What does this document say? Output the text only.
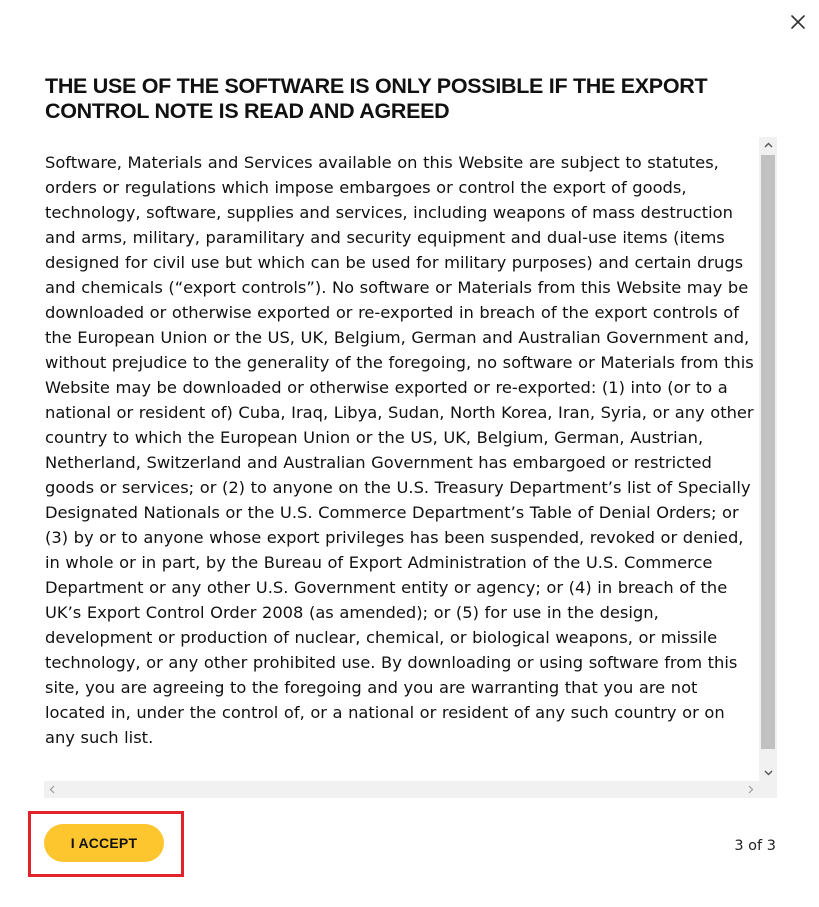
THE USE OF THE SOFTWARE IS ONLY POSSIBLE IF THE EXPORT CONTROL NOTE IS READ AND AGREED

Software, Materials and Services available on this Website are subject to statutes, orders or regulations which impose embargoes or control the export of goods, technology, software, supplies and services, including weapons of mass destruction and arms, military, paramilitary and security equipment and dual-use items (items designed for civil use but which can be used for military purposes) and certain drugs and chemicals (“export controls”). No software or Materials from this Website may be downloaded or otherwise exported or re-exported in breach of the export controls of the European Union or the US, UK, Belgium, German and Australian Government and, without prejudice to the generality of the foregoing, no software or Materials from this Website may be downloaded or otherwise exported or re-exported: (1) into (or to a national or resident of) Cuba, Iraq, Libya, Sudan, North Korea, Iran, Syria, or any other country to which the European Union or the US, UK, Belgium, German, Austrian, Netherland, Switzerland and Australian Government has embargoed or restricted goods or services; or (2) to anyone on the U.S. Treasury Department’s list of Specially Designated Nationals or the U.S. Commerce Department’s Table of Denial Orders; or (3) by or to anyone whose export privileges has been suspended, revoked or denied, in whole or in part, by the Bureau of Export Administration of the U.S. Commerce Department or any other U.S. Government entity or agency; or (4) in breach of the UK’s Export Control Order 2008 (as amended); or (5) for use in the design, development or production of nuclear, chemical, or biological weapons, or missile technology, or any other prohibited use. By downloading or using software from this site, you are agreeing to the foregoing and you are warranting that you are not located in, under the control of, or a national or resident of any such country or on any such list.

I ACCEPT	3 of 3
